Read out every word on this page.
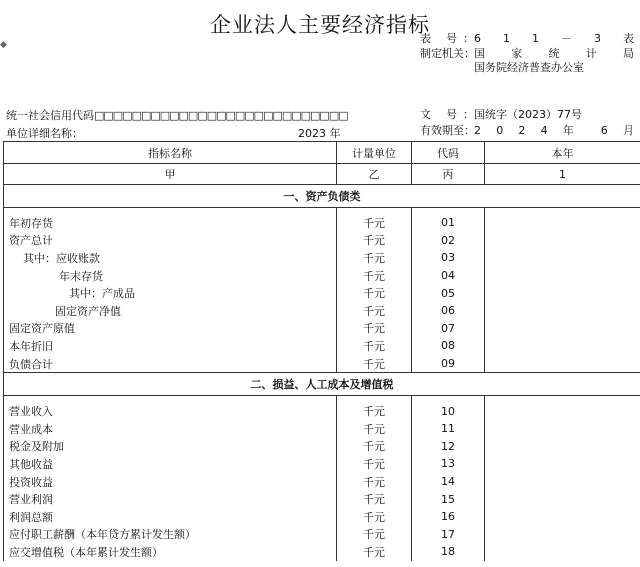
企业法人主要经济指标
◆	表 号：6 1 1 － 3 表
制定机关：国 家 统 计 局
国务院经济普查办公室
文 号：国统字（2023）77号
有效期至：2 0 2 4 年 6 月
统一社会信用代码□□□□□□□□□□□□□□□□□□□□□□□□□□□
单位详细名称：	2023 年
指标名称	计量单位	代码	本年
甲	乙	丙	1
一、资产负债类			

年初存货	千元	01	
资产总计	千元	02	
其中：应收账款	千元	03	
年末存货	千元	04	
其中：产成品	千元	05	
固定资产净值	千元	06	
固定资产原值	千元	07	
本年折旧	千元	08	
负债合计	千元	09	
二、损益、人工成本及增值税			

营业收入	千元	10	
营业成本	千元	11	
税金及附加	千元	12	
其他收益	千元	13	
投资收益	千元	14	
营业利润	千元	15	
利润总额	千元	16	
应付职工薪酬（本年贷方累计发生额）	千元	17	
应交增值税（本年累计发生额）	千元	18	
